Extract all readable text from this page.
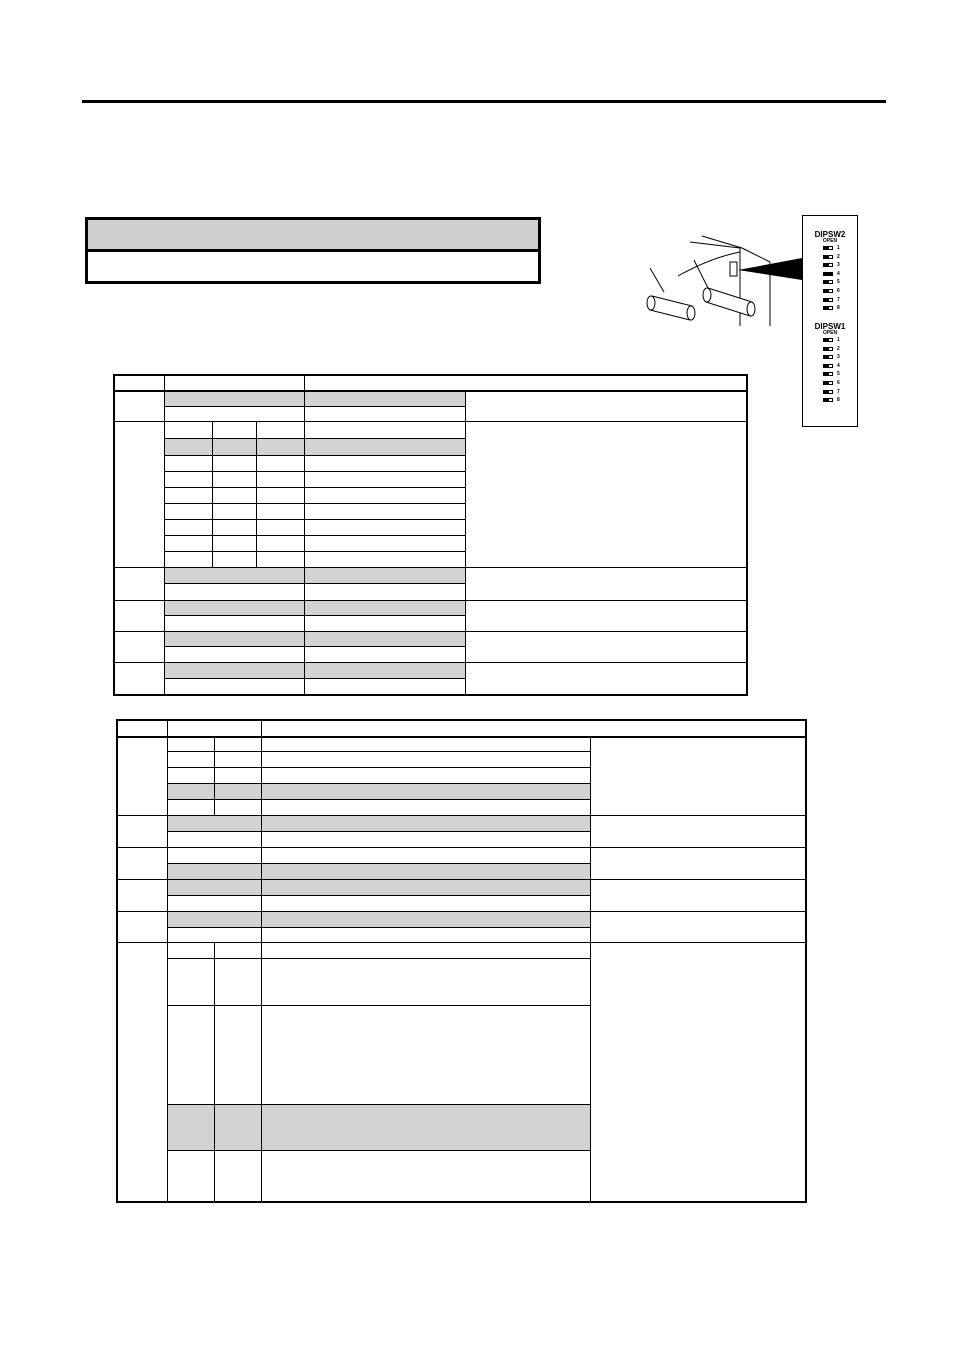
DIPSW2
OPEN
1
2
3
4
5
6
7
8
DIPSW1
OPEN
1
2
3
4
5
6
7
8
